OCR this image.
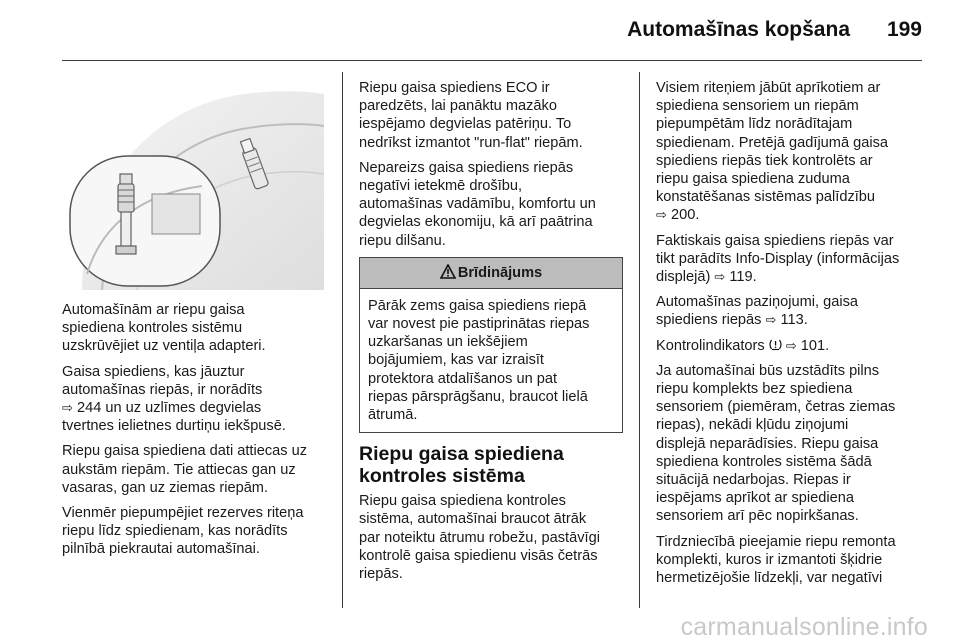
Automašīnas kopšana	199

Automašīnām ar riepu gaisa
spiediena kontroles sistēmu
uzskrūvējiet uz ventiļa adapteri.

Gaisa spiediens, kas jāuztur
automašīnas riepās, ir norādīts
⇨ 244 un uz uzlīmes degvielas
tvertnes ielietnes durtiņu iekšpusē.

Riepu gaisa spiediena dati attiecas uz
aukstām riepām. Tie attiecas gan uz
vasaras, gan uz ziemas riepām.

Vienmēr piepumpējiet rezerves riteņa
riepu līdz spiedienam, kas norādīts
pilnībā piekrautai automašīnai.

Riepu gaisa spiediens ECO ir
paredzēts, lai panāktu mazāko
iespējamo degvielas patēriņu. To
nedrīkst izmantot "run-flat" riepām.

Nepareizs gaisa spiediens riepās
negatīvi ietekmē drošību,
automašīnas vadāmību, komfortu un
degvielas ekonomiju, kā arī paātrina
riepu dilšanu.

Brīdinājums
Pārāk zems gaisa spiediens riepā
var novest pie pastiprinātas riepas
uzkaršanas un iekšējiem
bojājumiem, kas var izraisīt
protektora atdalīšanos un pat
riepas pārsprāgšanu, braucot lielā
ātrumā.
Riepu gaisa spiediena
kontroles sistēma

Riepu gaisa spiediena kontroles
sistēma, automašīnai braucot ātrāk
par noteiktu ātrumu robežu, pastāvīgi
kontrolē gaisa spiedienu visās četrās
riepās.

Visiem riteņiem jābūt aprīkotiem ar
spiediena sensoriem un riepām
piepumpētām līdz norādītajam
spiedienam. Pretējā gadījumā gaisa
spiediens riepās tiek kontrolēts ar
riepu gaisa spiediena zuduma
konstatēšanas sistēmas palīdzību
⇨ 200.

Faktiskais gaisa spiediens riepās var
tikt parādīts Info-Display (informācijas
displejā) ⇨ 119.

Automašīnas paziņojumi, gaisa
spiediens riepās ⇨ 113.

Kontrolindikators ⇨ 101.

Ja automašīnai būs uzstādīts pilns
riepu komplekts bez spiediena
sensoriem (piemēram, četras ziemas
riepas), nekādi kļūdu ziņojumi
displejā neparādīsies. Riepu gaisa
spiediena kontroles sistēma šādā
situācijā nedarbojas. Riepas ir
iespējams aprīkot ar spiediena
sensoriem arī pēc nopirkšanas.

Tirdzniecībā pieejamie riepu remonta
komplekti, kuros ir izmantoti šķidrie
hermetizējošie līdzekļi, var negatīvi

carmanualsonline.info
